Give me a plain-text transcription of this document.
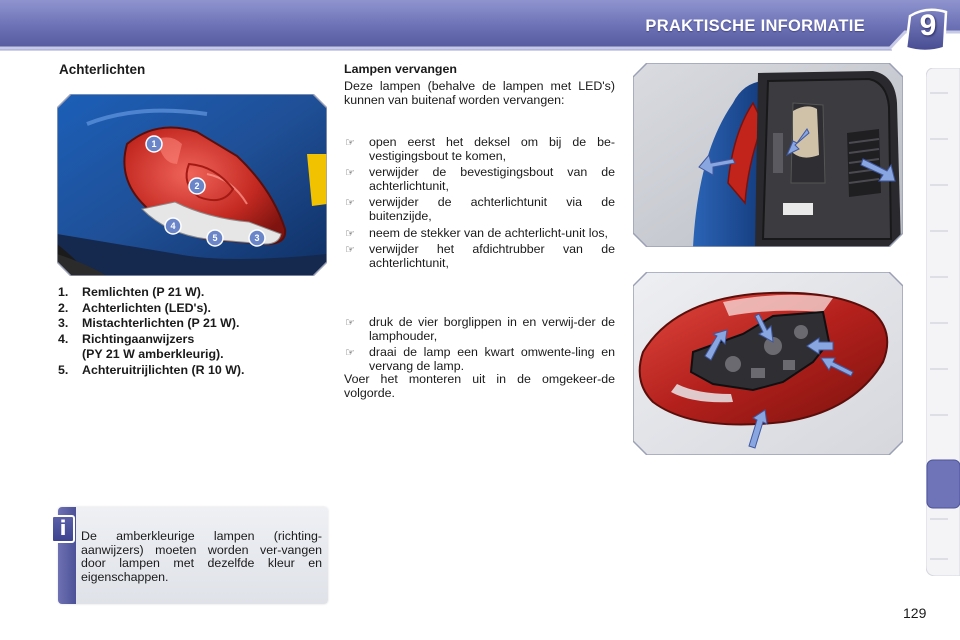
PRAKTISCHE INFORMATIE 9
Achterlichten
1
2
4
5	3
1.	Remlichten (P 21 W).
2.	Achterlichten (LED's).
3.	Mistachterlichten (P 21 W).
4.	Richtingaanwijzers
(PY 21 W amberkleurig).
5.	Achteruitrijlichten (R 10 W).
i	De amberkleurige lampen (richting-aanwijzers) moeten worden ver-vangen door lampen met dezelfde kleur en eigenschappen.
Lampen vervangen
Deze lampen (behalve de lampen met LED's) kunnen van buitenaf worden vervangen:
☞ open eerst het deksel om bij de be-vestigingsbout te komen,
☞ verwijder de bevestigingsbout van de achterlichtunit,
☞ verwijder de achterlichtunit via de buitenzijde,
☞ neem de stekker van de achterlicht-unit los,
☞ verwijder het afdichtrubber van de achterlichtunit,
☞ druk de vier borglippen in en verwij-der de lamphouder,
☞ draai de lamp een kwart omwente-ling en vervang de lamp.
Voer het monteren uit in de omgekeer-de volgorde.
129
